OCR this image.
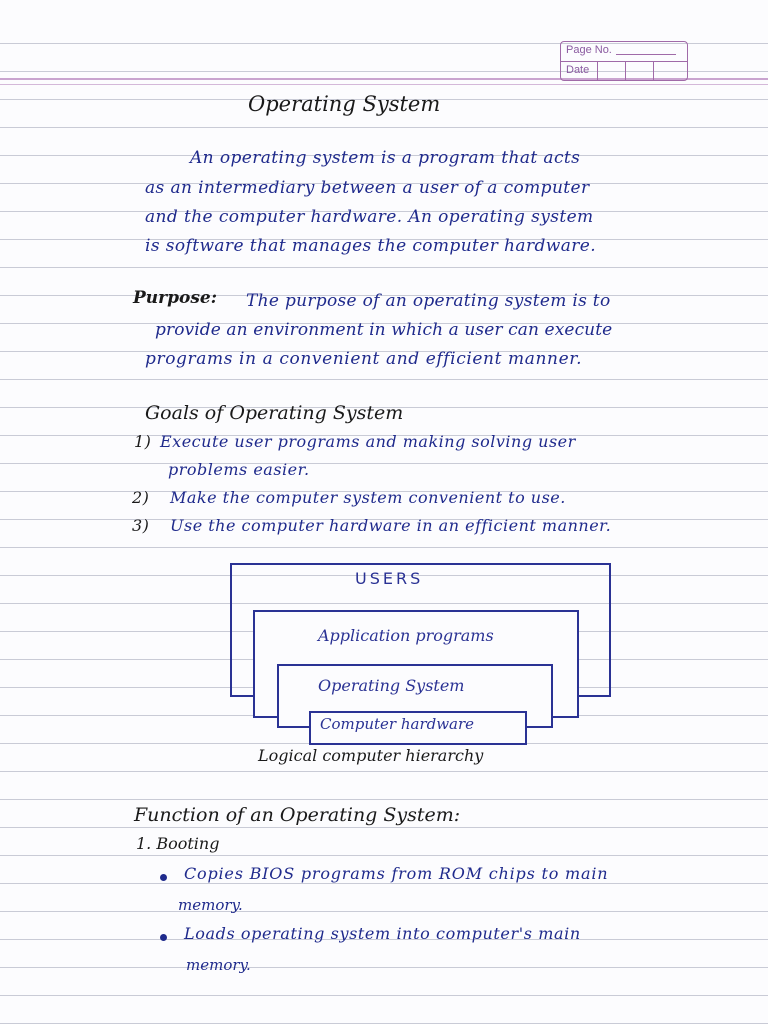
Page No.
Date
Operating System
An operating system is a program that acts
as an intermediary between a user of a computer
and the computer hardware. An operating system
is software that manages the computer hardware.
Purpose: The purpose of an operating system is to
provide an environment in which a user can execute
programs in a convenient and efficient manner.
Goals of Operating System
1) Execute user programs and making solving user
problems easier.
2) Make the computer system convenient to use.
3) Use the computer hardware in an efficient manner.
USERS
Application programs
Operating System
Computer hardware
Logical computer hierarchy
Function of an Operating System:
1. Booting
Copies BIOS programs from ROM chips to main
memory.
Loads operating system into computer's main
memory.
